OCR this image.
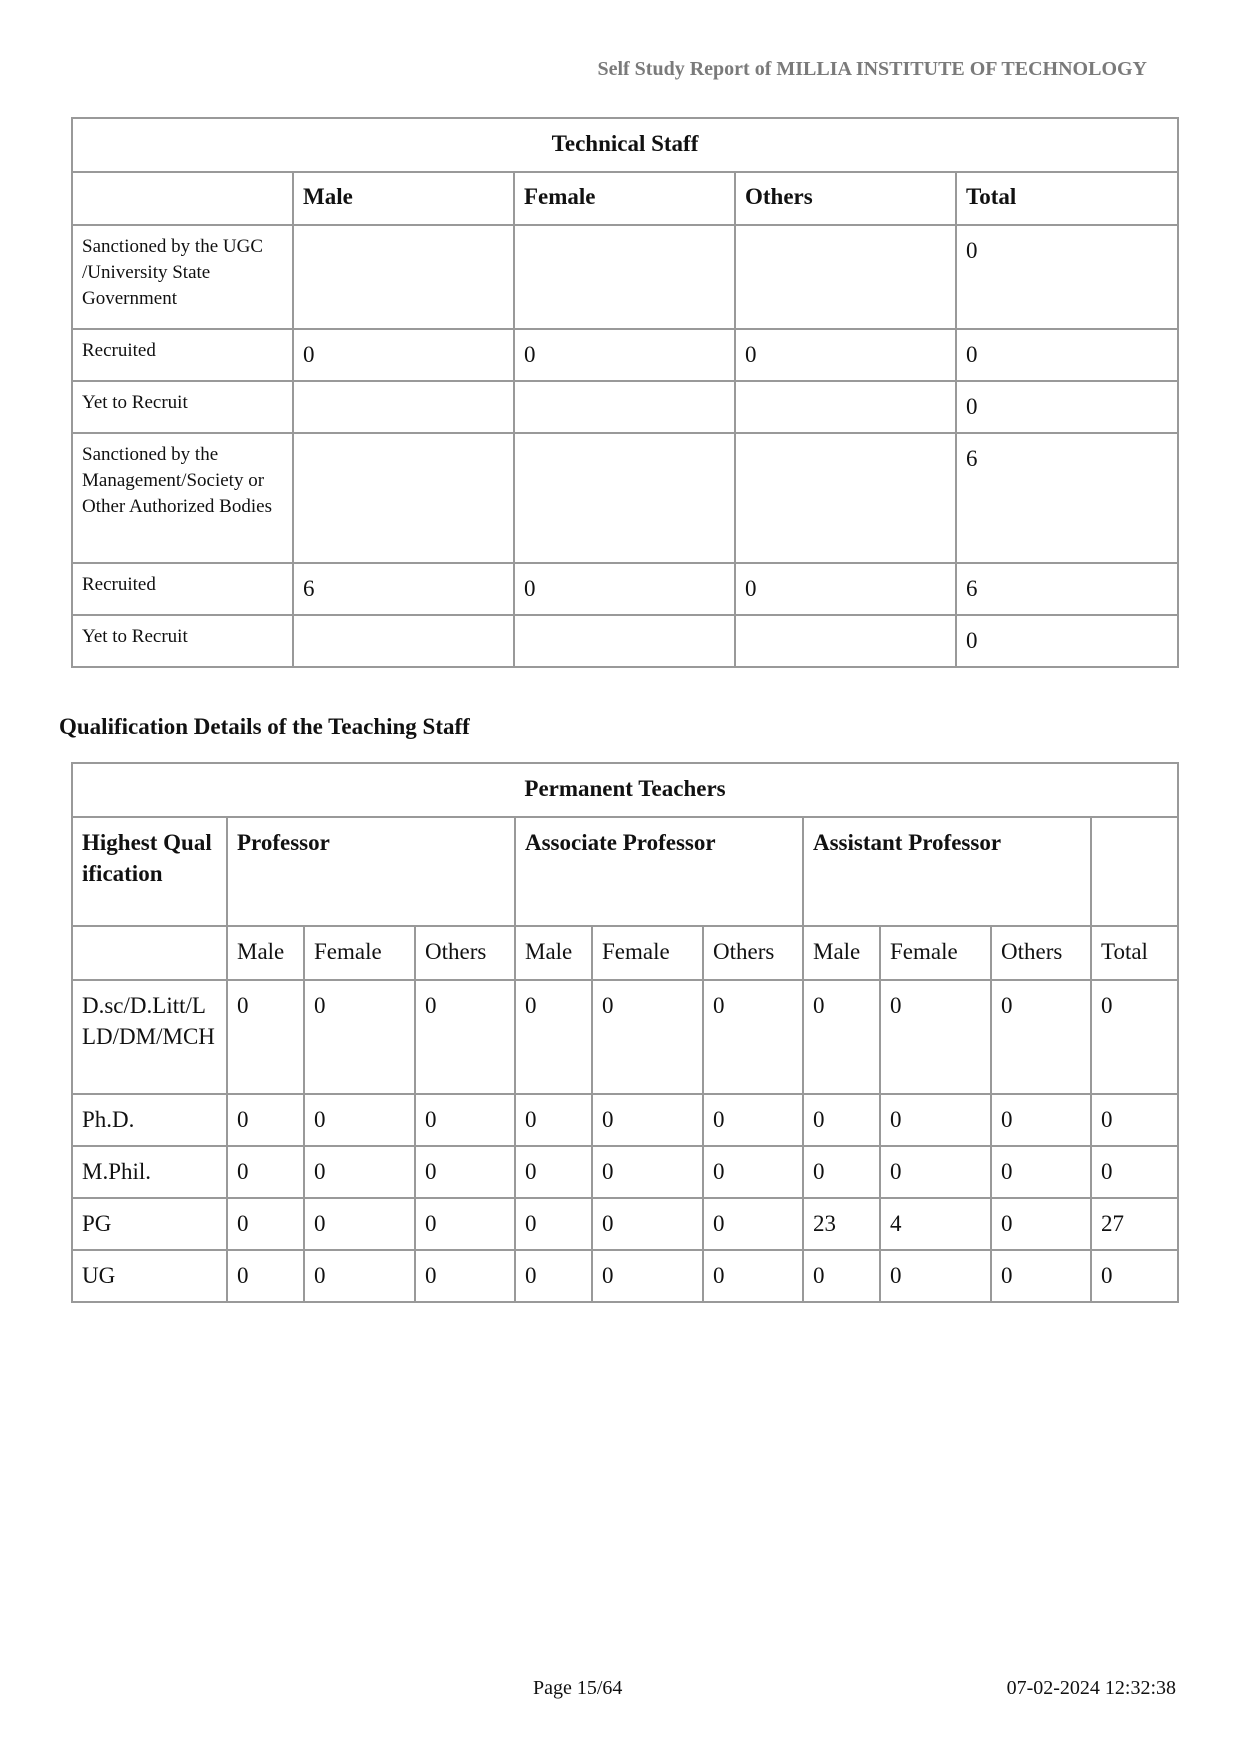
Self Study Report of MILLIA INSTITUTE OF TECHNOLOGY
Technical Staff				
	Male	Female	Others	Total
Sanctioned by the UGC /University State Government				0
Recruited	0	0	0	0
Yet to Recruit				0
Sanctioned by the Management/Society or Other Authorized Bodies				6
Recruited	6	0	0	6
Yet to Recruit				0
Qualification Details of the Teaching Staff
Permanent Teachers										
Highest Qualification	Professor			Associate Professor			Assistant Professor			
	Male	Female	Others	Male	Female	Others	Male	Female	Others	Total
D.sc/D.Litt/LLD/DM/MCH	0	0	0	0	0	0	0	0	0	0
Ph.D.	0	0	0	0	0	0	0	0	0	0
M.Phil.	0	0	0	0	0	0	0	0	0	0
PG	0	0	0	0	0	0	23	4	0	27
UG	0	0	0	0	0	0	0	0	0	0
Page 15/64	07-02-2024 12:32:38
